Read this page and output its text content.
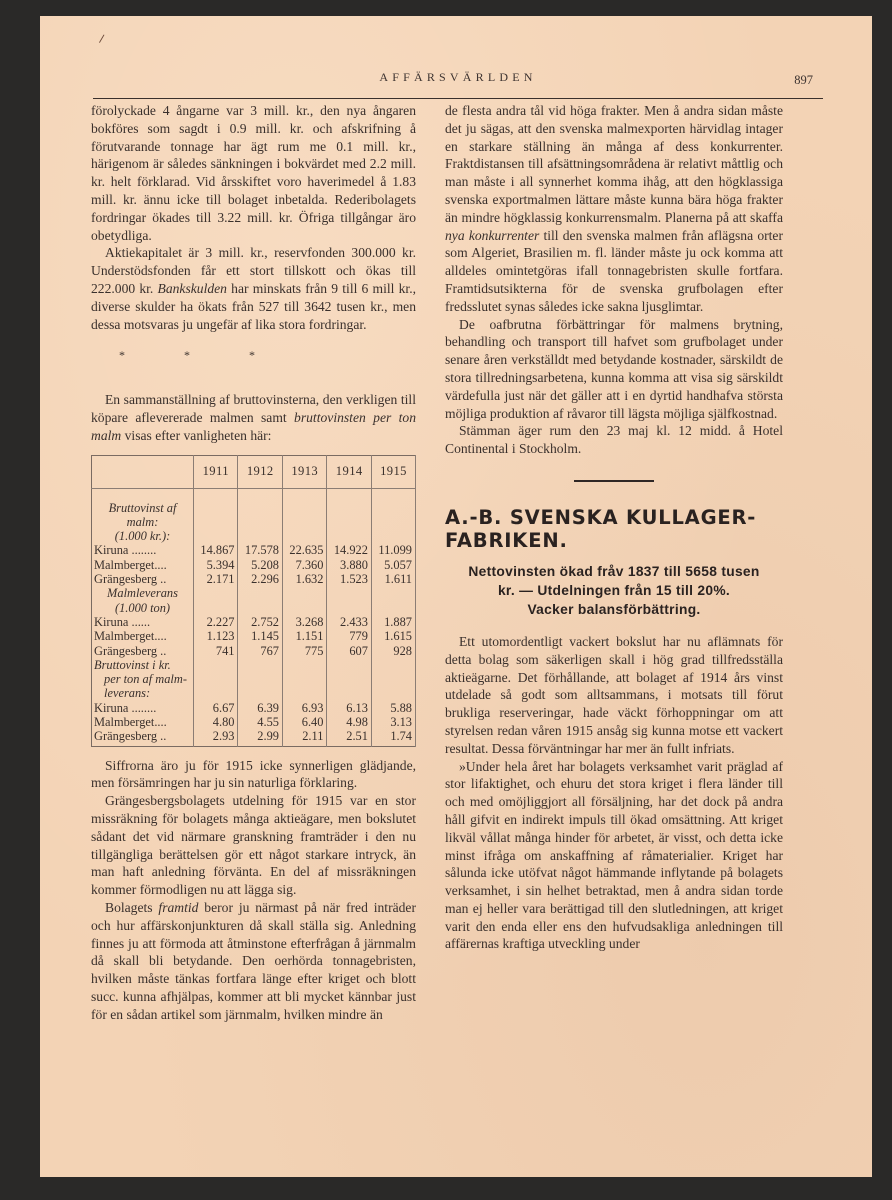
/
AFFÄRSVÄRLDEN	897

förolyckade 4 ångarne var 3 mill. kr., den nya ångaren bokföres som sagdt i 0.9 mill. kr. och afskrifning å förutvarande tonnage har ägt rum me 0.1 mill. kr., härigenom är således sänkningen i bokvärdet med 2.2 mill. kr. helt förklarad. Vid årsskiftet voro haverimedel å 1.83 mill. kr. ännu icke till bolaget inbetalda. Rederibolagets fordringar ökades till 3.22 mill. kr. Öfriga tillgångar äro obetydliga.

Aktiekapitalet är 3 mill. kr., reservfonden 300.000 kr. Understödsfonden får ett stort tillskott och ökas till 222.000 kr. Bankskulden har minskats från 9 till 6 mill kr., diverse skulder ha ökats från 527 till 3642 tusen kr., men dessa motsvaras ju ungefär af lika stora fordringar.

* * *

En sammanställning af bruttovinsterna, den verkligen till köpare aflevererade malmen samt bruttovinsten per ton malm visas efter vanligheten här:

	1911	1912	1913	1914	1915

Bruttovinst af
malm:
(1.000 kr.):					
Kiruna ........	14.867	17.578	22.635	14.922	11.099
Malmberget....	5.394	5.208	7.360	3.880	5.057
Grängesberg ..	2.171	2.296	1.632	1.523	1.611
Malmleverans
(1.000 ton)					
Kiruna ......	2.227	2.752	3.268	2.433	1.887
Malmberget....	1.123	1.145	1.151	779	1.615
Grängesberg ..	741	767	775	607	928
Bruttovinst i kr.
per ton af malm-
leverans:					
Kiruna ........	6.67	6.39	6.93	6.13	5.88
Malmberget....	4.80	4.55	6.40	4.98	3.13
Grängesberg ..	2.93	2.99	2.11	2.51	1.74

Siffrorna äro ju för 1915 icke synnerligen glädjande, men försämringen har ju sin naturliga förklaring.

Grängesbergsbolagets utdelning för 1915 var en stor missräkning för bolagets många aktieägare, men bokslutet sådant det vid närmare granskning framträder i den nu tillgängliga berättelsen gör ett något starkare intryck, än man haft anledning förvänta. En del af missräkningen kommer förmodligen nu att lägga sig.

Bolagets framtid beror ju närmast på när fred inträder och hur affärskonjunkturen då skall ställa sig. Anledning finnes ju att förmoda att åtminstone efterfrågan å järnmalm då skall bli betydande. Den oerhörda tonnagebristen, hvilken måste tänkas fortfara länge efter kriget och blott succ. kunna afhjälpas, kommer att bli mycket kännbar just för en sådan artikel som järnmalm, hvilken mindre än

de flesta andra tål vid höga frakter. Men å andra sidan måste det ju sägas, att den svenska malmexporten härvidlag intager en starkare ställning än många af dess konkurrenter. Fraktdistansen till afsättningsområdena är relativt måttlig och man måste i all synnerhet komma ihåg, att den högklassiga svenska exportmalmen lättare måste kunna bära höga frakter än mindre högklassig konkurrensmalm. Planerna på att skaffa nya konkurrenter till den svenska malmen från aflägsna orter som Algeriet, Brasilien m. fl. länder måste ju ock komma att alldeles omintetgöras ifall tonnagebristen skulle fortfara. Framtidsutsikterna för de svenska grufbolagen efter fredsslutet synas således icke sakna ljusglimtar.

De oafbrutna förbättringar för malmens brytning, behandling och transport till hafvet som grufbolaget under senare åren verkställdt med betydande kostnader, särskildt de stora tillredningsarbetena, kunna komma att visa sig särskildt värdefulla just när det gäller att i en dyrtid handhafva största möjliga produktion af råvaror till lägsta möjliga själfkostnad.

Stämman äger rum den 23 maj kl. 12 midd. å Hotel Continental i Stockholm.

A.-B. SVENSKA KULLAGER-
FABRIKEN.

Nettovinsten ökad fråv 1837 till 5658 tusen
kr. — Utdelningen från 15 till 20%.
Vacker balansförbättring.

Ett utomordentligt vackert bokslut har nu aflämnats för detta bolag som säkerligen skall i hög grad tillfredsställa aktieägarne. Det förhållande, att bolaget af 1914 års vinst utdelade så godt som alltsammans, i motsats till förut brukliga reserveringar, hade väckt förhoppningar om att styrelsen redan våren 1915 ansåg sig kunna motse ett vackert resultat. Dessa förväntningar har mer än fullt infriats.

»Under hela året har bolagets verksamhet varit präglad af stor lifaktighet, och ehuru det stora kriget i flera länder till och med omöjliggjort all försäljning, har det dock på andra håll gifvit en indirekt impuls till ökad omsättning. Att kriget likväl vållat många hinder för arbetet, är visst, och detta icke minst ifråga om anskaffning af råmaterialier. Kriget har sålunda icke utöfvat något hämmande inflytande på bolagets verksamhet, i sin helhet betraktad, men å andra sidan torde man ej heller vara berättigad till den slutledningen, att kriget varit den enda eller ens den hufvudsakliga anledningen till affärernas kraftiga utveckling under
